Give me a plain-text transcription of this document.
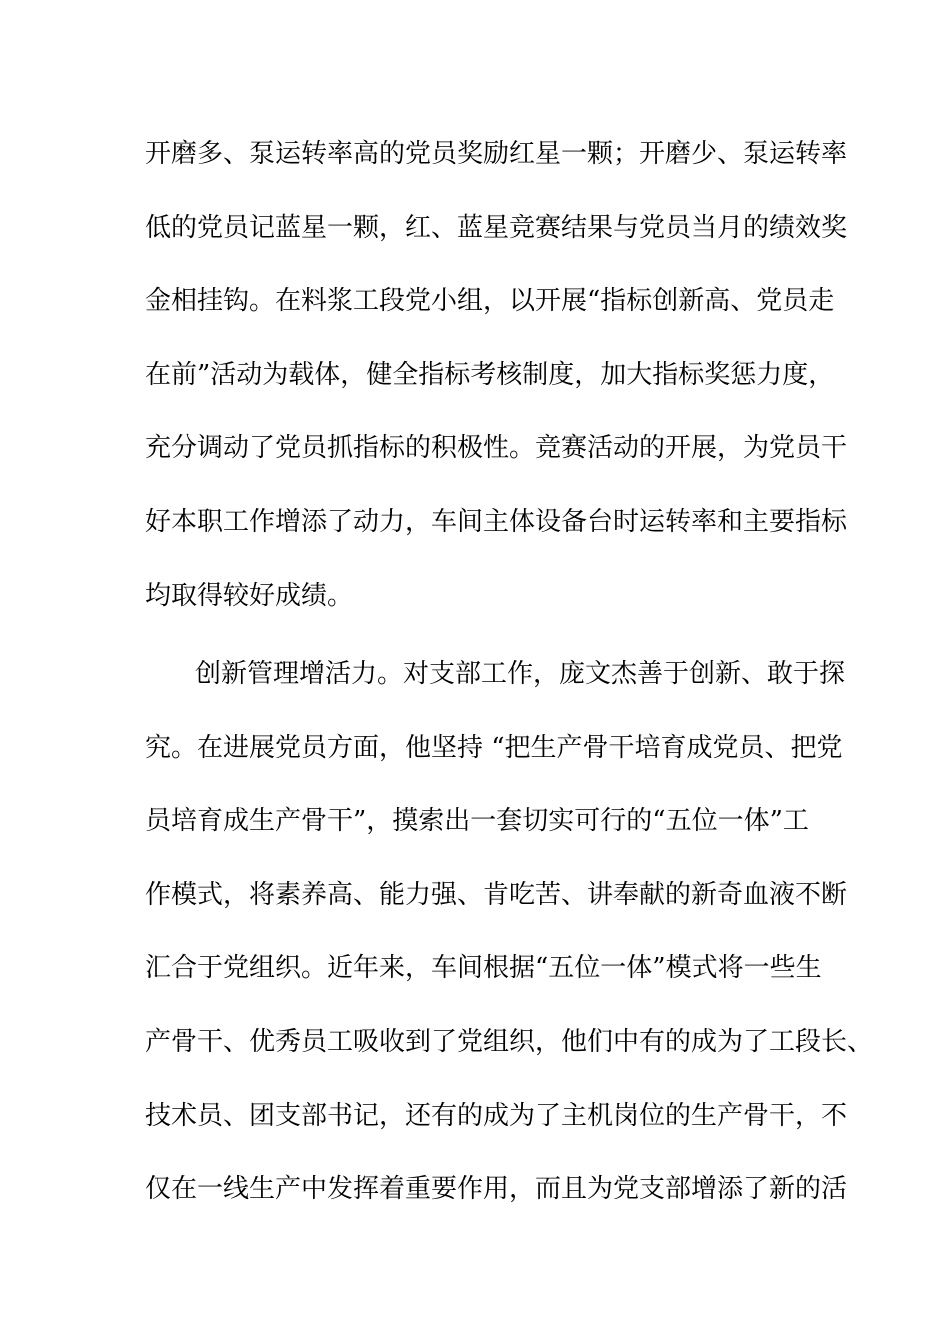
开磨多、泵运转率高的党员奖励红星一颗；开磨少、泵运转率
低的党员记蓝星一颗，红、蓝星竞赛结果与党员当月的绩效奖
金相挂钩。在料浆工段党小组，以开展“指标创新高、党员走
在前”活动为载体，健全指标考核制度，加大指标奖惩力度，
充分调动了党员抓指标的积极性。竞赛活动的开展，为党员干
好本职工作增添了动力，车间主体设备台时运转率和主要指标
均取得较好成绩。
创新管理增活力。对支部工作，庞文杰善于创新、敢于探
究。在进展党员方面，他坚持 “把生产骨干培育成党员、把党
员培育成生产骨干”，摸索出一套切实可行的“五位一体”工
作模式，将素养高、能力强、肯吃苦、讲奉献的新奇血液不断
汇合于党组织。近年来，车间根据“五位一体”模式将一些生
产骨干、优秀员工吸收到了党组织，他们中有的成为了工段长、
技术员、团支部书记，还有的成为了主机岗位的生产骨干，不
仅在一线生产中发挥着重要作用，而且为党支部增添了新的活
